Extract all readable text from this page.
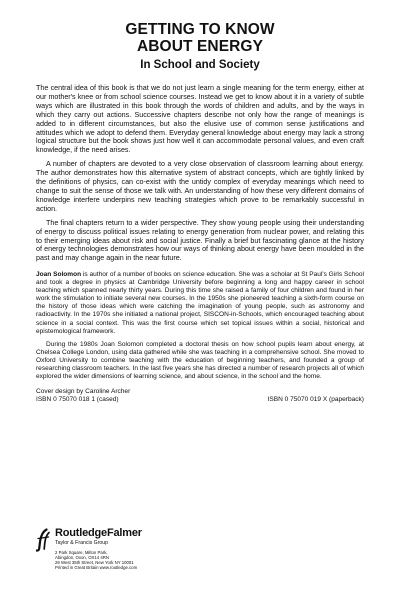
GETTING TO KNOW
ABOUT ENERGY
In School and Society

The central idea of this book is that we do not just learn a single meaning for the term energy, either at our mother's knee or from school science courses. Instead we get to know about it in a variety of subtle ways which are illustrated in this book through the words of children and adults, and by the ways in which they carry out actions. Successive chapters describe not only how the range of meanings is added to in different circumstances, but also the elusive use of common sense justifications and attitudes which we adopt to defend them. Everyday general knowledge about energy may lack a strong logical structure but the book shows just how well it can accommodate personal values, and even craft knowledge, if the need arises.

A number of chapters are devoted to a very close observation of classroom learning about energy. The author demonstrates how this alternative system of abstract concepts, which are tightly linked by the definitions of physics, can co-exist with the untidy complex of everyday meanings which need to change to suit the sense of those we talk with. An understanding of how these very different domains of knowledge interfere underpins new teaching strategies which prove to be remarkably successful in action.

The final chapters return to a wider perspective. They show young people using their understanding of energy to discuss political issues relating to energy generation from nuclear power, and relating this to their emerging ideas about risk and social justice. Finally a brief but fascinating glance at the history of energy technologies demonstrates how our ways of thinking about energy have been moulded in the past and may change again in the near future.

Joan Solomon is author of a number of books on science education. She was a scholar at St Paul's Girls School and took a degree in physics at Cambridge University before beginning a long and happy career in school teaching which spanned nearly thirty years. During this time she raised a family of four children and found in her work the stimulation to initiate several new courses. In the 1950s she pioneered teaching a sixth-form course on the history of those ideas which were catching the imagination of young people, such as astronomy and radioactivity. In the 1970s she initiated a national project, SISCON-in-Schools, which encouraged teaching about science in a social context. This was the first course which set topical issues within a social, historical and epistemological framework.

During the 1980s Joan Solomon completed a doctoral thesis on how school pupils learn about energy, at Chelsea College London, using data gathered while she was teaching in a comprehensive school. She moved to Oxford University to combine teaching with the education of beginning teachers, and founded a group of researching classroom teachers. In the last five years she has directed a number of research projects all of which explored the wider dimensions of learning science, and about science, in the school and the home.

Cover design by Caroline Archer
ISBN 0 75070 018 1 (cased)	ISBN 0 75070 019 X (paperback)
RoutledgeFalmer
Taylor & Francis Group
2 Park Square, Milton Park,
Abingdon, Oxon, OX14 4RN
29 West 35th Street, New York NY 10001
Printed in Great Britain www.routledge.com
